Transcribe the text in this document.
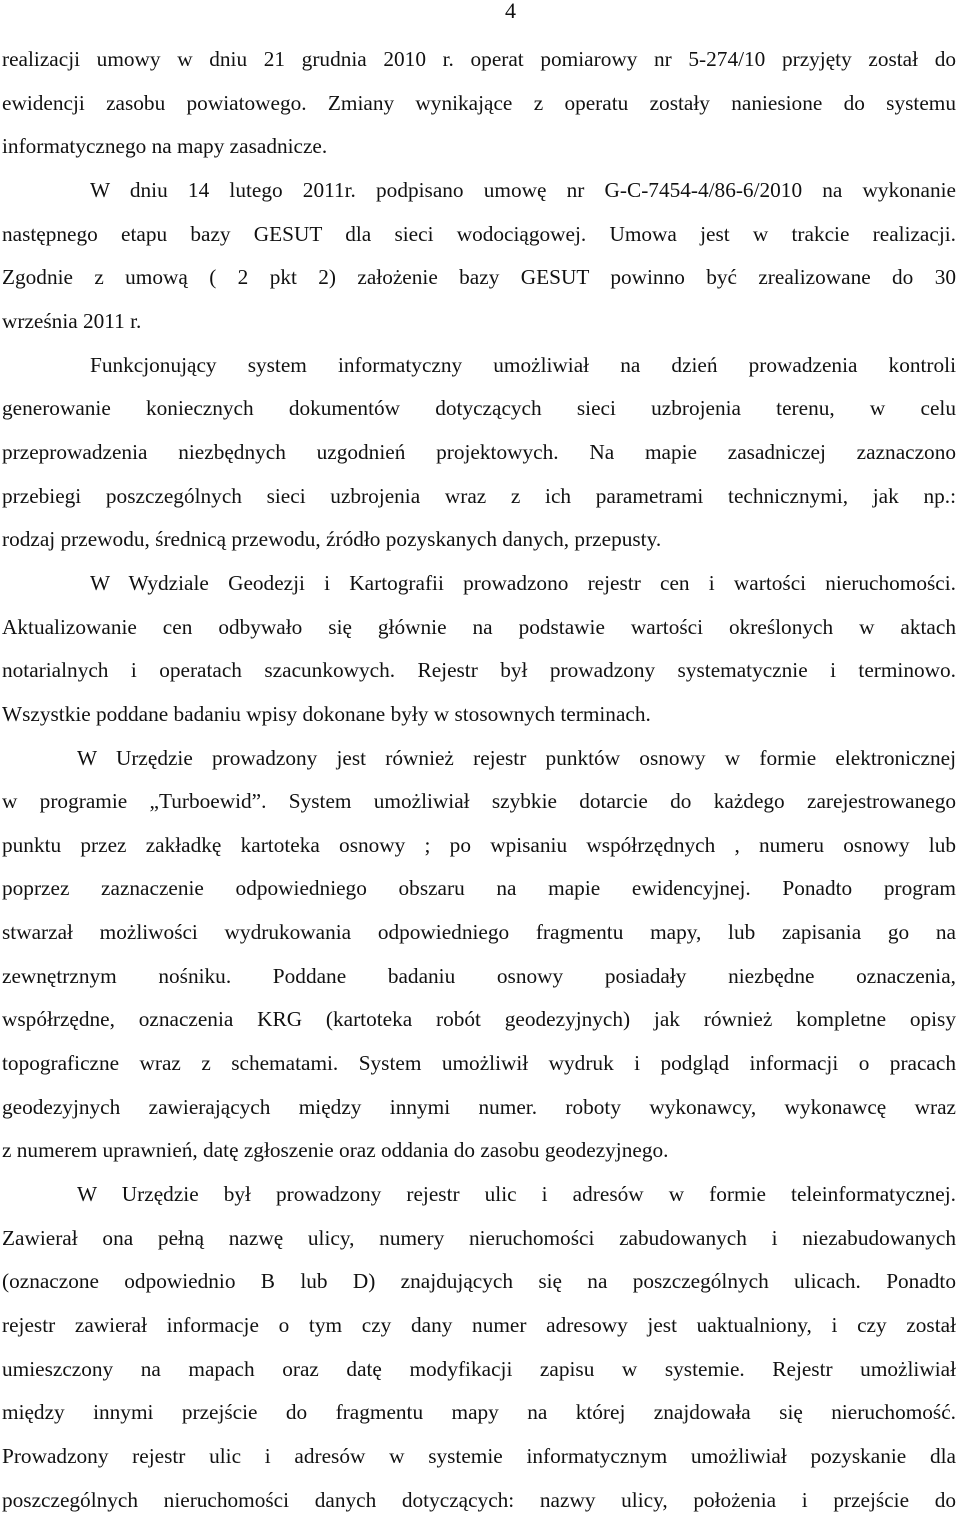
4
realizacji umowy w dniu 21 grudnia 2010 r. operat pomiarowy nr 5-274/10 przyjęty został do
ewidencji zasobu powiatowego. Zmiany wynikające z operatu zostały naniesione do systemu
informatycznego na mapy zasadnicze.
W dniu 14 lutego 2011r. podpisano umowę nr G-C-7454-4/86-6/2010 na wykonanie
następnego etapu bazy GESUT dla sieci wodociągowej. Umowa jest w trakcie realizacji.
Zgodnie z umową ( 2 pkt 2) założenie bazy GESUT powinno być zrealizowane do 30
września 2011 r.
Funkcjonujący system informatyczny umożliwiał na dzień prowadzenia kontroli
generowanie koniecznych dokumentów dotyczących sieci uzbrojenia terenu, w celu
przeprowadzenia niezbędnych uzgodnień projektowych. Na mapie zasadniczej zaznaczono
przebiegi poszczególnych sieci uzbrojenia wraz z ich parametrami technicznymi, jak np.:
rodzaj przewodu, średnicą przewodu, źródło pozyskanych danych, przepusty.
W Wydziale Geodezji i Kartografii prowadzono rejestr cen i wartości nieruchomości.
Aktualizowanie cen odbywało się głównie na podstawie wartości określonych w aktach
notarialnych i operatach szacunkowych. Rejestr był prowadzony systematycznie i terminowo.
Wszystkie poddane badaniu wpisy dokonane były w stosownych terminach.
W Urzędzie prowadzony jest również rejestr punktów osnowy w formie elektronicznej
w programie „Turboewid”. System umożliwiał szybkie dotarcie do każdego zarejestrowanego
punktu przez zakładkę kartoteka osnowy ; po wpisaniu współrzędnych , numeru osnowy lub
poprzez zaznaczenie odpowiedniego obszaru na mapie ewidencyjnej. Ponadto program
stwarzał możliwości wydrukowania odpowiedniego fragmentu mapy, lub zapisania go na
zewnętrznym nośniku. Poddane badaniu osnowy posiadały niezbędne oznaczenia,
współrzędne, oznaczenia KRG (kartoteka robót geodezyjnych) jak również kompletne opisy
topograficzne wraz z schematami. System umożliwił wydruk i podgląd informacji o pracach
geodezyjnych zawierających między innymi numer. roboty wykonawcy, wykonawcę wraz
z numerem uprawnień, datę zgłoszenie oraz oddania do zasobu geodezyjnego.
W Urzędzie był prowadzony rejestr ulic i adresów w formie teleinformatycznej.
Zawierał ona pełną nazwę ulicy, numery nieruchomości zabudowanych i niezabudowanych
(oznaczone odpowiednio B lub D) znajdujących się na poszczególnych ulicach. Ponadto
rejestr zawierał informacje o tym czy dany numer adresowy jest uaktualniony, i czy został
umieszczony na mapach oraz datę modyfikacji zapisu w systemie. Rejestr umożliwiał
między innymi przejście do fragmentu mapy na której znajdowała się nieruchomość.
Prowadzony rejestr ulic i adresów w systemie informatycznym umożliwiał pozyskanie dla
poszczególnych nieruchomości danych dotyczących: nazwy ulicy, położenia i przejście do
